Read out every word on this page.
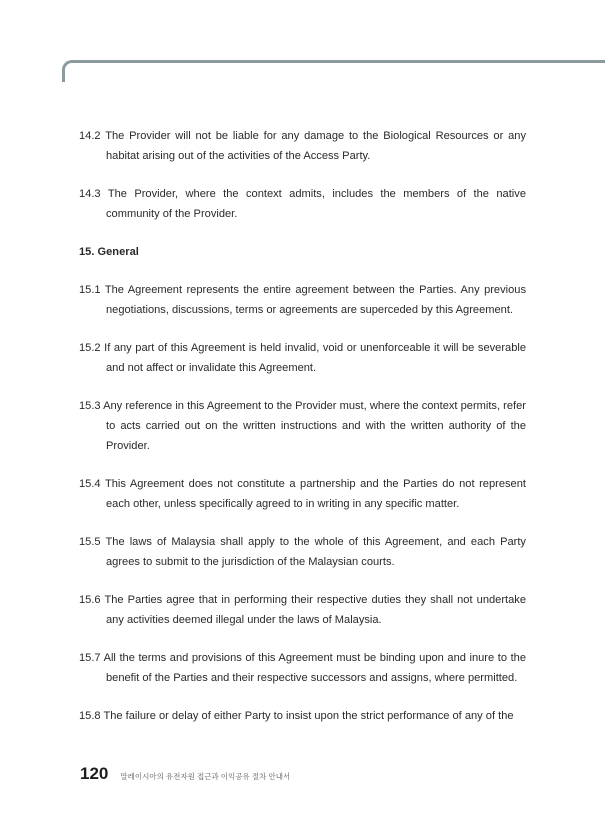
14.2 The Provider will not be liable for any damage to the Biological Resources or any habitat arising out of the activities of the Access Party.

14.3 The Provider, where the context admits, includes the members of the native community of the Provider.

15. General

15.1 The Agreement represents the entire agreement between the Parties. Any previous negotiations, discussions, terms or agreements are superceded by this Agreement.

15.2 If any part of this Agreement is held invalid, void or unenforceable it will be severable and not affect or invalidate this Agreement.

15.3 Any reference in this Agreement to the Provider must, where the context permits, refer to acts carried out on the written instructions and with the written authority of the Provider.

15.4 This Agreement does not constitute a partnership and the Parties do not represent each other, unless specifically agreed to in writing in any specific matter.

15.5 The laws of Malaysia shall apply to the whole of this Agreement, and each Party agrees to submit to the jurisdiction of the Malaysian courts.

15.6 The Parties agree that in performing their respective duties they shall not undertake any activities deemed illegal under the laws of Malaysia.

15.7 All the terms and provisions of this Agreement must be binding upon and inure to the benefit of the Parties and their respective successors and assigns, where permitted.

15.8 The failure or delay of either Party to insist upon the strict performance of any of the

120 말레이시아의 유전자원 접근과 이익공유 절차 안내서
